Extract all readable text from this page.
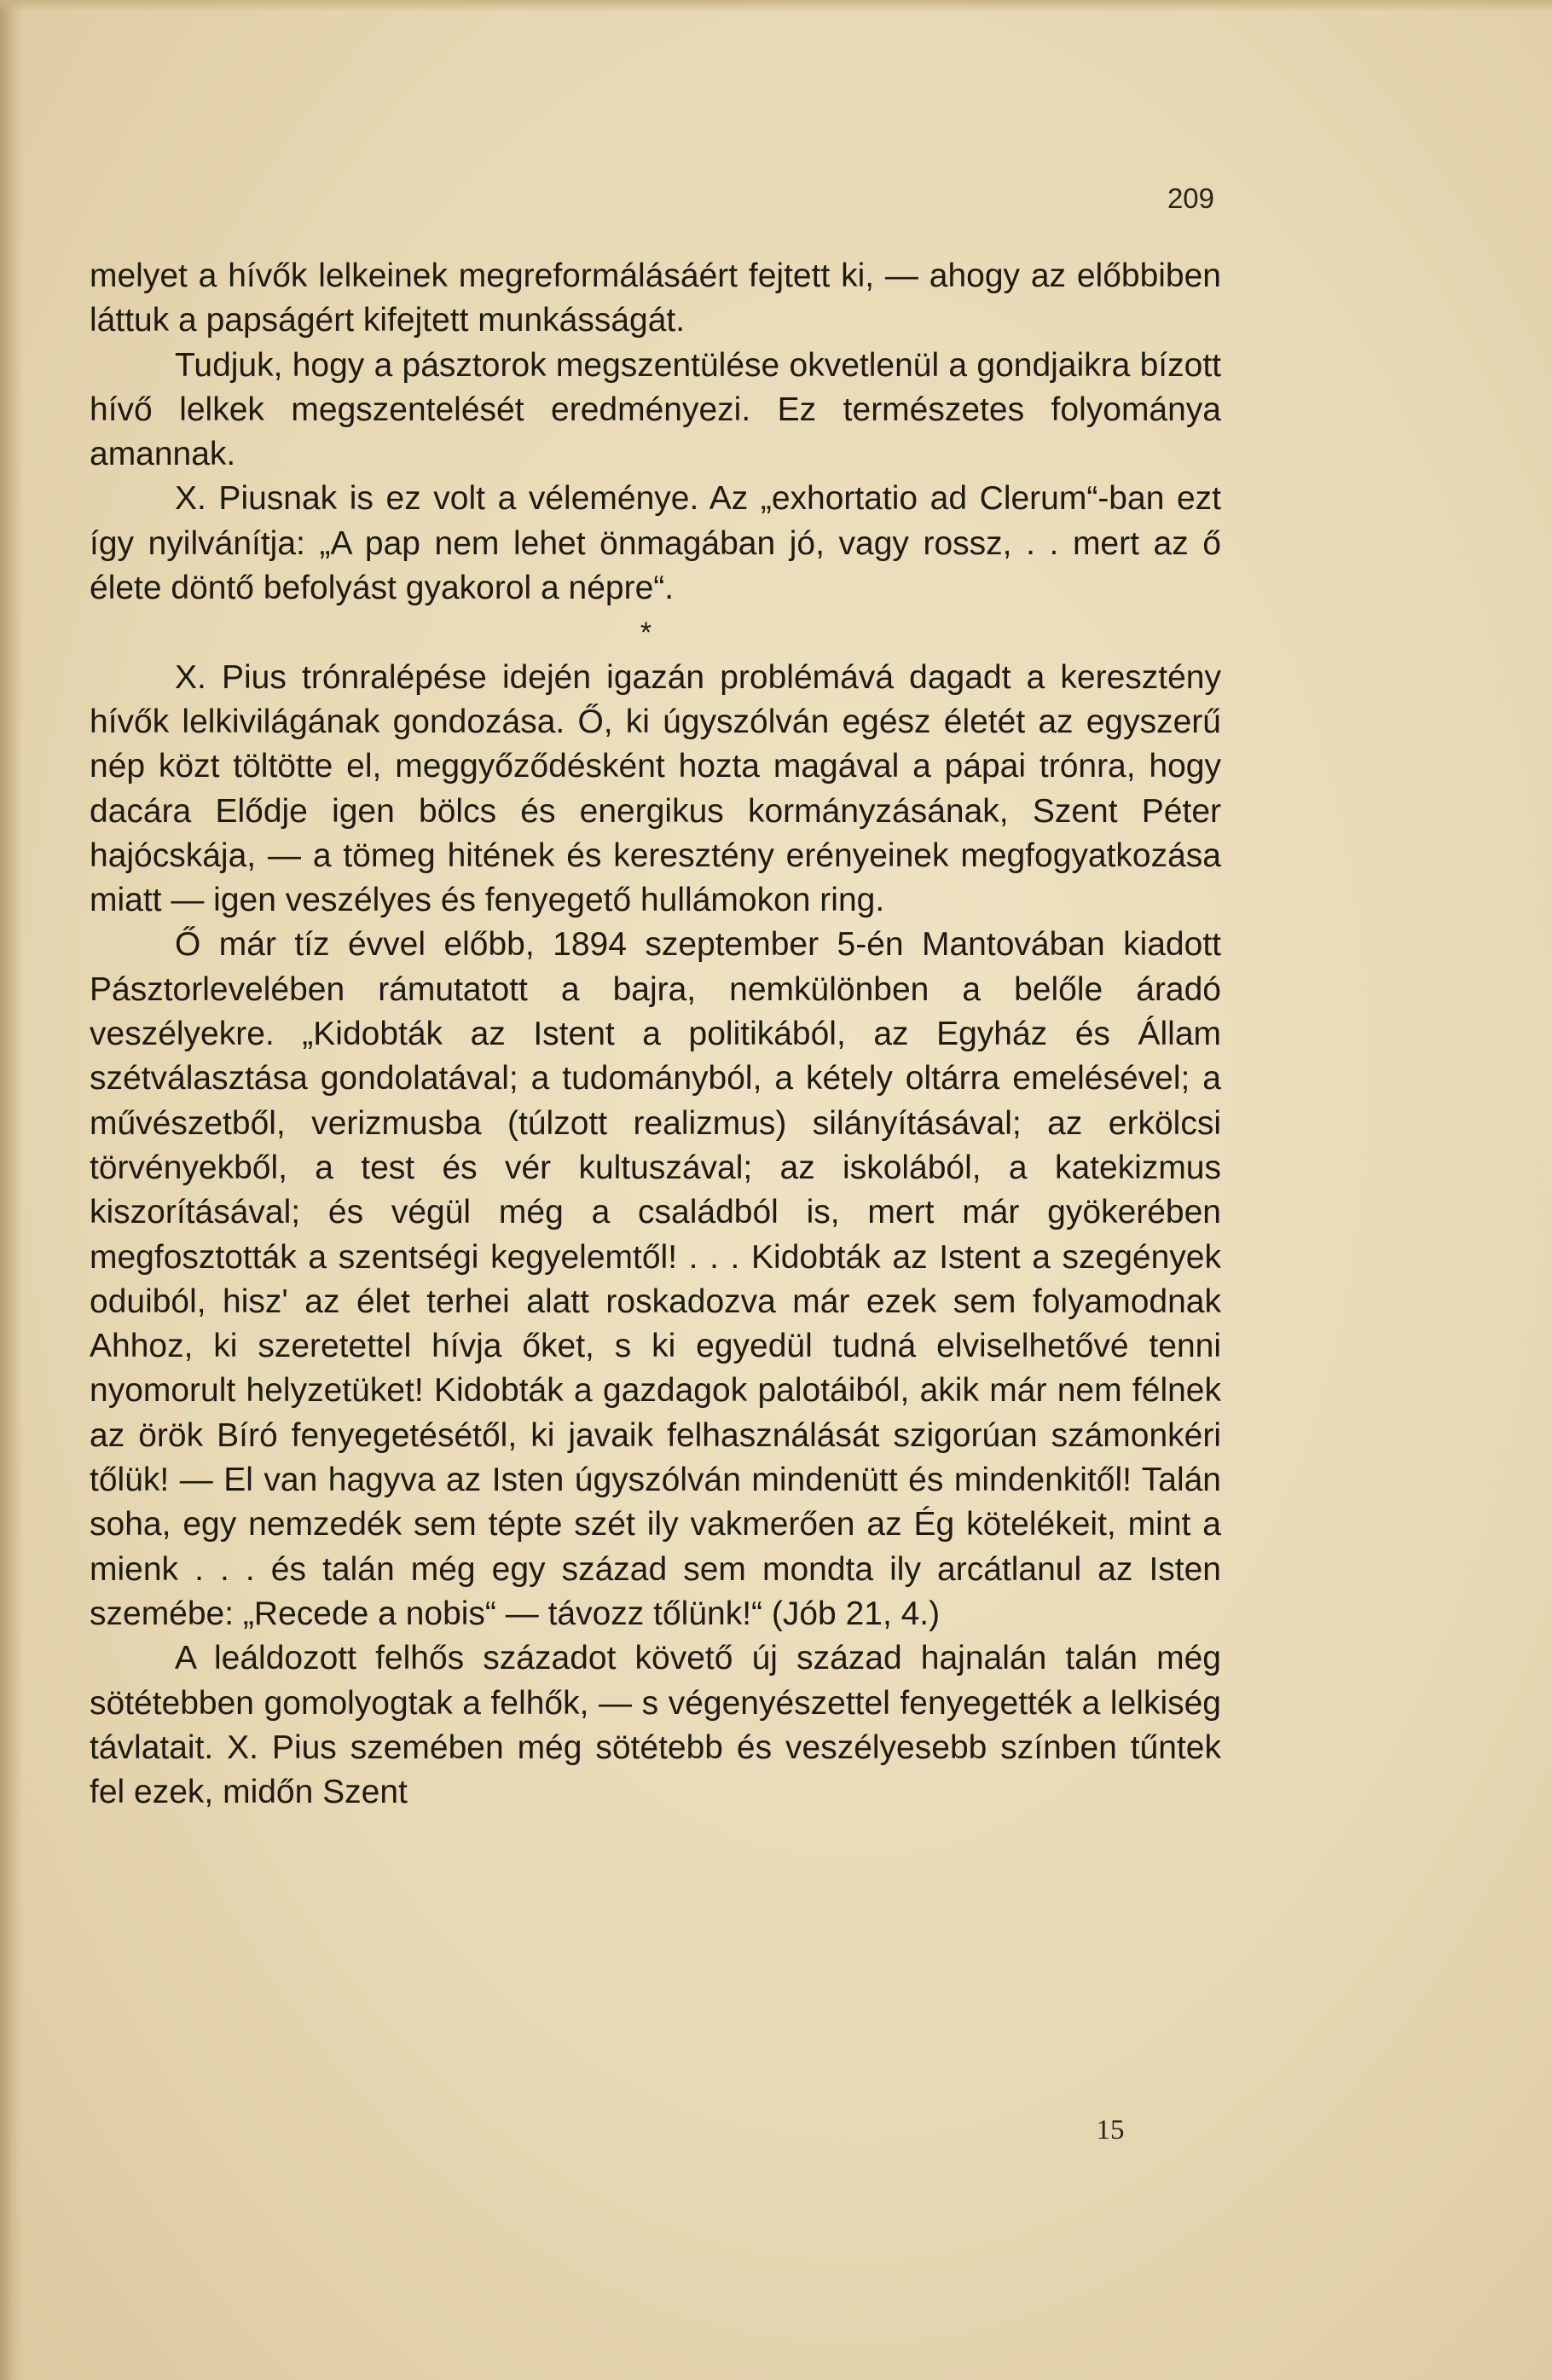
209

melyet a hívők lelkeinek megreformálásáért fejtett ki, — ahogy az előbbiben láttuk a papságért kifejtett munkásságát.

Tudjuk, hogy a pásztorok megszentülése okvetlenül a gondjaikra bízott hívő lelkek megszentelését eredményezi. Ez természetes folyománya amannak.

X. Piusnak is ez volt a véleménye. Az „exhortatio ad Clerum“-ban ezt így nyilvánítja: „A pap nem lehet önmagában jó, vagy rossz, . . mert az ő élete döntő befolyást gyakorol a népre“.

*

X. Pius trónralépése idején igazán problémává dagadt a keresztény hívők lelkivilágának gondozása. Ő, ki úgyszólván egész életét az egyszerű nép közt töltötte el, meggyőződésként hozta magával a pápai trónra, hogy dacára Elődje igen bölcs és energikus kormányzásának, Szent Péter hajócskája, — a tömeg hitének és keresztény erényeinek megfogyatkozása miatt — igen veszélyes és fenyegető hullámokon ring.

Ő már tíz évvel előbb, 1894 szeptember 5-én Mantovában kiadott Pásztorlevelében rámutatott a bajra, nemkülönben a belőle áradó veszélyekre. „Kidobták az Istent a politikából, az Egyház és Állam szétválasztása gondolatával; a tudományból, a kétely oltárra emelésével; a művészetből, verizmusba (túlzott realizmus) silányításával; az erkölcsi törvényekből, a test és vér kultuszával; az iskolából, a katekizmus kiszorításával; és végül még a családból is, mert már gyökerében megfosztották a szentségi kegyelemtől! . . . Kidobták az Istent a szegények oduiból, hisz' az élet terhei alatt roskadozva már ezek sem folyamodnak Ahhoz, ki szeretettel hívja őket, s ki egyedül tudná elviselhetővé tenni nyomorult helyzetüket! Kidobták a gazdagok palotáiból, akik már nem félnek az örök Bíró fenyegetésétől, ki javaik felhasználását szigorúan számonkéri tőlük! — El van hagyva az Isten úgyszólván mindenütt és mindenkitől! Talán soha, egy nemzedék sem tépte szét ily vakmerően az Ég kötelékeit, mint a mienk . . . és talán még egy század sem mondta ily arcátlanul az Isten szemébe: „Recede a nobis“ — távozz tőlünk!“ (Jób 21, 4.)

A leáldozott felhős századot követő új század hajnalán talán még sötétebben gomolyogtak a felhők, — s végenyészettel fenyegették a lelkiség távlatait. X. Pius szemében még sötétebb és veszélyesebb színben tűntek fel ezek, midőn Szent

15
